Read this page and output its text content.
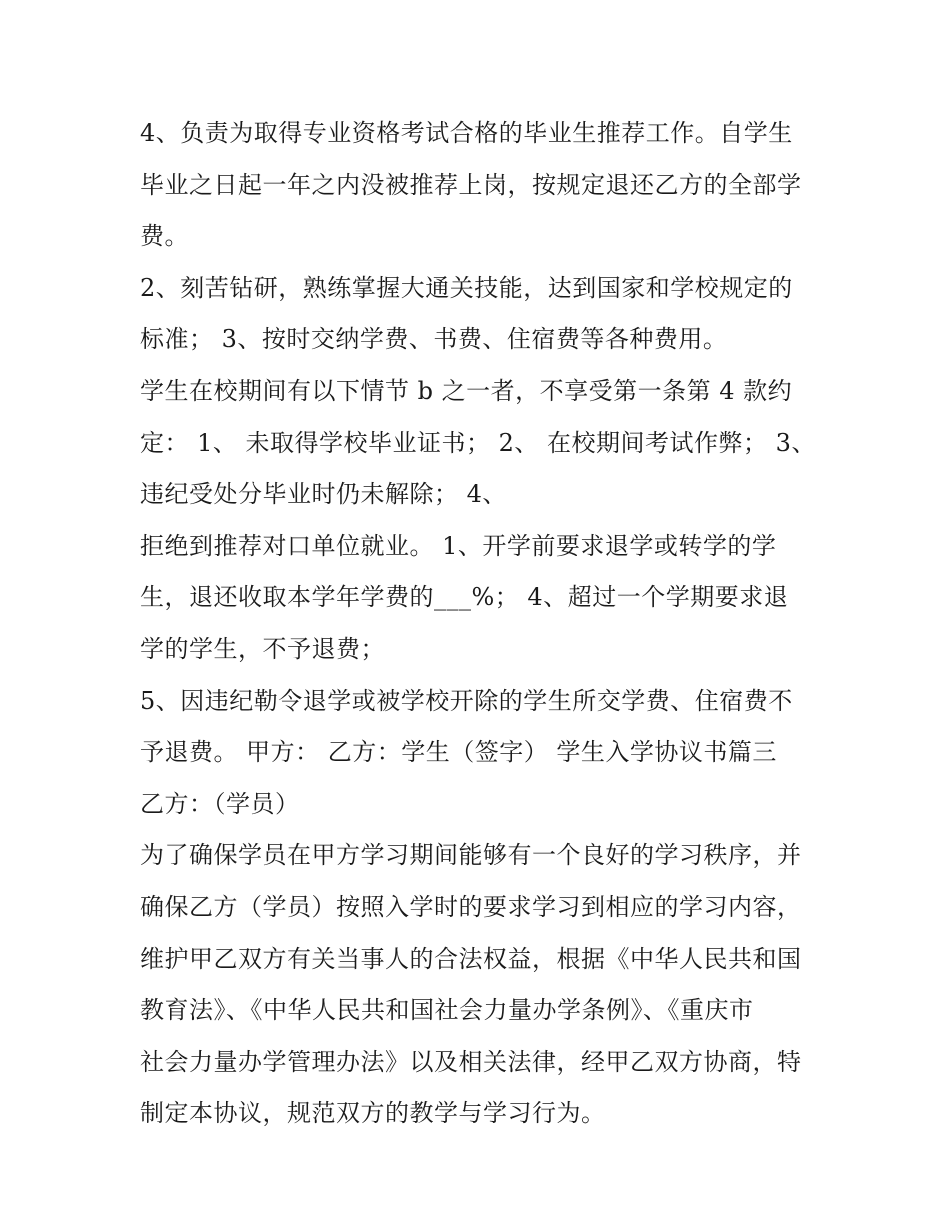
4、负责为取得专业资格考试合格的毕业生推荐工作。自学生
毕业之日起一年之内没被推荐上岗，按规定退还乙方的全部学
费。
2、刻苦钻研，熟练掌握大通关技能，达到国家和学校规定的
标准； 3、按时交纳学费、书费、住宿费等各种费用。
学生在校期间有以下情节 b 之一者，不享受第一条第 4 款约
定： 1、 未取得学校毕业证书； 2、 在校期间考试作弊； 3、
违纪受处分毕业时仍未解除； 4、
拒绝到推荐对口单位就业。 1、开学前要求退学或转学的学
生，退还收取本学年学费的___%； 4、超过一个学期要求退
学的学生，不予退费；
5、因违纪勒令退学或被学校开除的学生所交学费、住宿费不
予退费。 甲方： 乙方：学生（签字） 学生入学协议书篇三
乙方：（学员）
为了确保学员在甲方学习期间能够有一个良好的学习秩序，并
确保乙方（学员）按照入学时的要求学习到相应的学习内容，
维护甲乙双方有关当事人的合法权益，根据《中华人民共和国
教育法》、《中华人民共和国社会力量办学条例》、《重庆市
社会力量办学管理办法》以及相关法律，经甲乙双方协商，特
制定本协议，规范双方的教学与学习行为。
